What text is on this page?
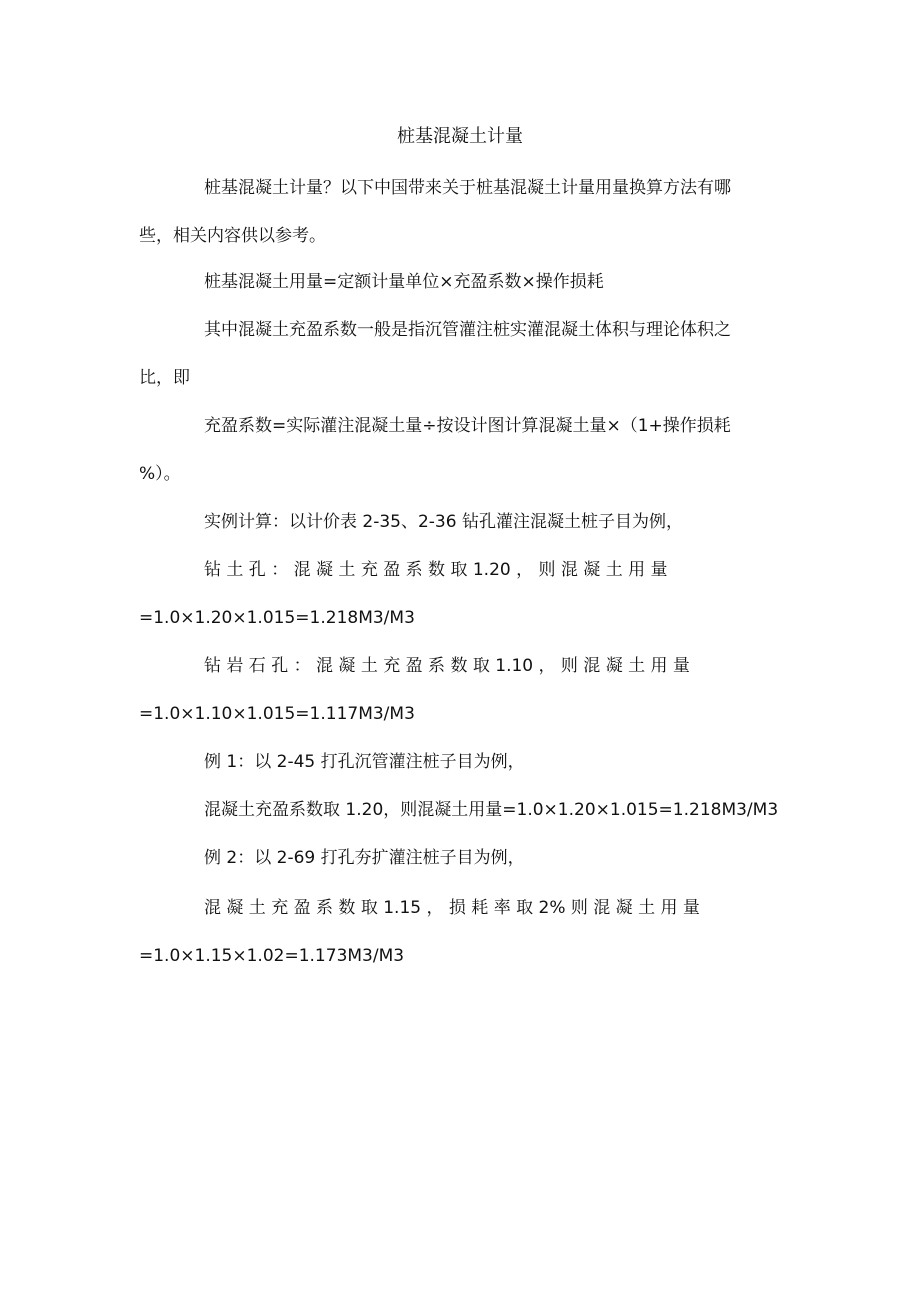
桩基混凝土计量
桩基混凝土计量？以下中国带来关于桩基混凝土计量用量换算方法有哪
些，相关内容供以参考。
桩基混凝土用量=定额计量单位×充盈系数×操作损耗
其中混凝土充盈系数一般是指沉管灌注桩实灌混凝土体积与理论体积之
比，即
充盈系数=实际灌注混凝土量÷按设计图计算混凝土量×（1+操作损耗
%）。
实例计算：以计价表 2-35、2-36 钻孔灌注混凝土桩子目为例，
钻 土 孔 ： 混 凝 土 充 盈 系 数 取 1.20 ， 则 混 凝 土 用 量
=1.0×1.20×1.015=1.218M3/M3
钻 岩 石 孔 ： 混 凝 土 充 盈 系 数 取 1.10 ， 则 混 凝 土 用 量
=1.0×1.10×1.015=1.117M3/M3
例 1：以 2-45 打孔沉管灌注桩子目为例，
混凝土充盈系数取 1.20，则混凝土用量=1.0×1.20×1.015=1.218M3/M3
例 2：以 2-69 打孔夯扩灌注桩子目为例，
混 凝 土 充 盈 系 数 取 1.15 ， 损 耗 率 取 2% 则 混 凝 土 用 量
=1.0×1.15×1.02=1.173M3/M3
